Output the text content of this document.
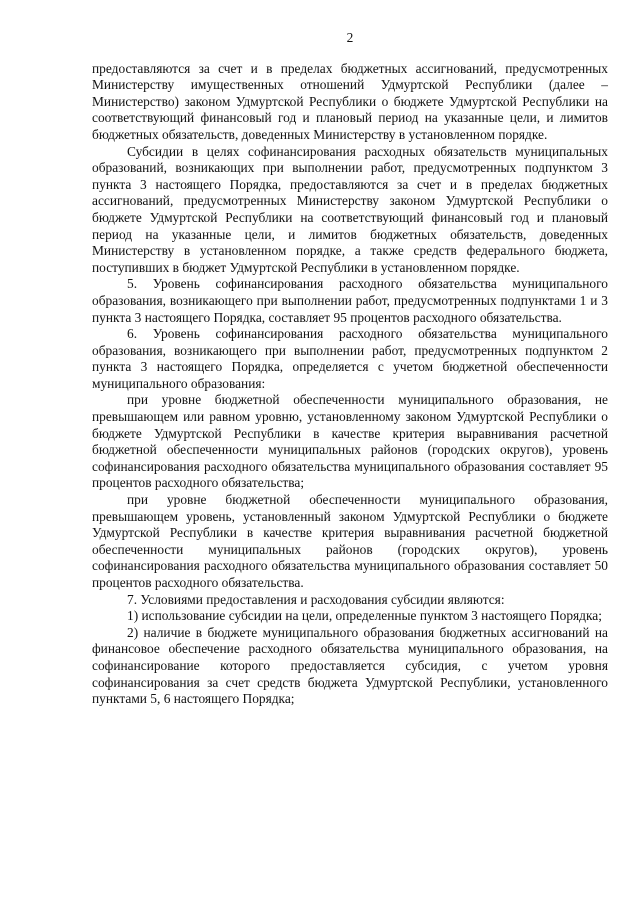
2

предоставляются за счет и в пределах бюджетных ассигнований, предусмотренных Министерству имущественных отношений Удмуртской Республики (далее – Министерство) законом Удмуртской Республики о бюджете Удмуртской Республики на соответствующий финансовый год и плановый период на указанные цели, и лимитов бюджетных обязательств, доведенных Министерству в установленном порядке.

Субсидии в целях софинансирования расходных обязательств муниципальных образований, возникающих при выполнении работ, предусмотренных подпунктом 3 пункта 3 настоящего Порядка, предоставляются за счет и в пределах бюджетных ассигнований, предусмотренных Министерству законом Удмуртской Республики о бюджете Удмуртской Республики на соответствующий финансовый год и плановый период на указанные цели, и лимитов бюджетных обязательств, доведенных Министерству в установленном порядке, а также средств федерального бюджета, поступивших в бюджет Удмуртской Республики в установленном порядке.

5. Уровень софинансирования расходного обязательства муниципального образования, возникающего при выполнении работ, предусмотренных подпунктами 1 и 3 пункта 3 настоящего Порядка, составляет 95 процентов расходного обязательства.

6. Уровень софинансирования расходного обязательства муниципального образования, возникающего при выполнении работ, предусмотренных подпунктом 2 пункта 3 настоящего Порядка, определяется с учетом бюджетной обеспеченности муниципального образования:

при уровне бюджетной обеспеченности муниципального образования, не превышающем или равном уровню, установленному законом Удмуртской Республики о бюджете Удмуртской Республики в качестве критерия выравнивания расчетной бюджетной обеспеченности муниципальных районов (городских округов), уровень софинансирования расходного обязательства муниципального образования составляет 95 процентов расходного обязательства;

при уровне бюджетной обеспеченности муниципального образования, превышающем уровень, установленный законом Удмуртской Республики о бюджете Удмуртской Республики в качестве критерия выравнивания расчетной бюджетной обеспеченности муниципальных районов (городских округов), уровень софинансирования расходного обязательства муниципального образования составляет 50 процентов расходного обязательства.

7. Условиями предоставления и расходования субсидии являются:

1) использование субсидии на цели, определенные пунктом 3 настоящего Порядка;

2) наличие в бюджете муниципального образования бюджетных ассигнований на финансовое обеспечение расходного обязательства муниципального образования, на софинансирование которого предоставляется субсидия, с учетом уровня софинансирования за счет средств бюджета Удмуртской Республики, установленного пунктами 5, 6 настоящего Порядка;
